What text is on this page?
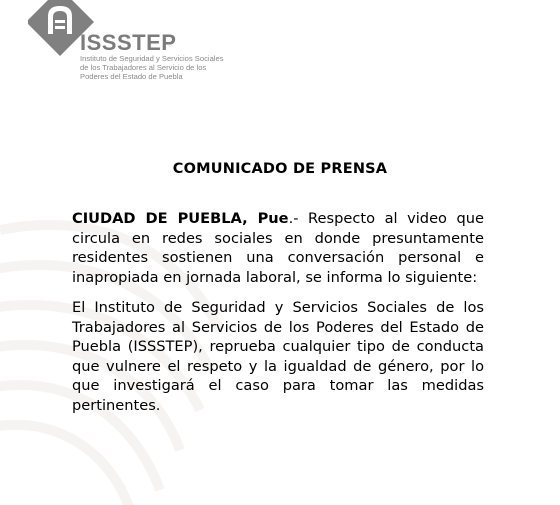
ISSSTEP
Instituto de Seguridad y Servicios Sociales de los Trabajadores al Servicio de los Poderes del Estado de Puebla
COMUNICADO DE PRENSA

CIUDAD DE PUEBLA, Pue.- Respecto al video que circula en redes sociales en donde presuntamente residentes sostienen una conversación personal e inapropiada en jornada laboral, se informa lo siguiente:

El Instituto de Seguridad y Servicios Sociales de los Trabajadores al Servicios de los Poderes del Estado de Puebla (ISSSTEP), reprueba cualquier tipo de conducta que vulnere el respeto y la igualdad de género, por lo que investigará el caso para tomar las medidas pertinentes.
